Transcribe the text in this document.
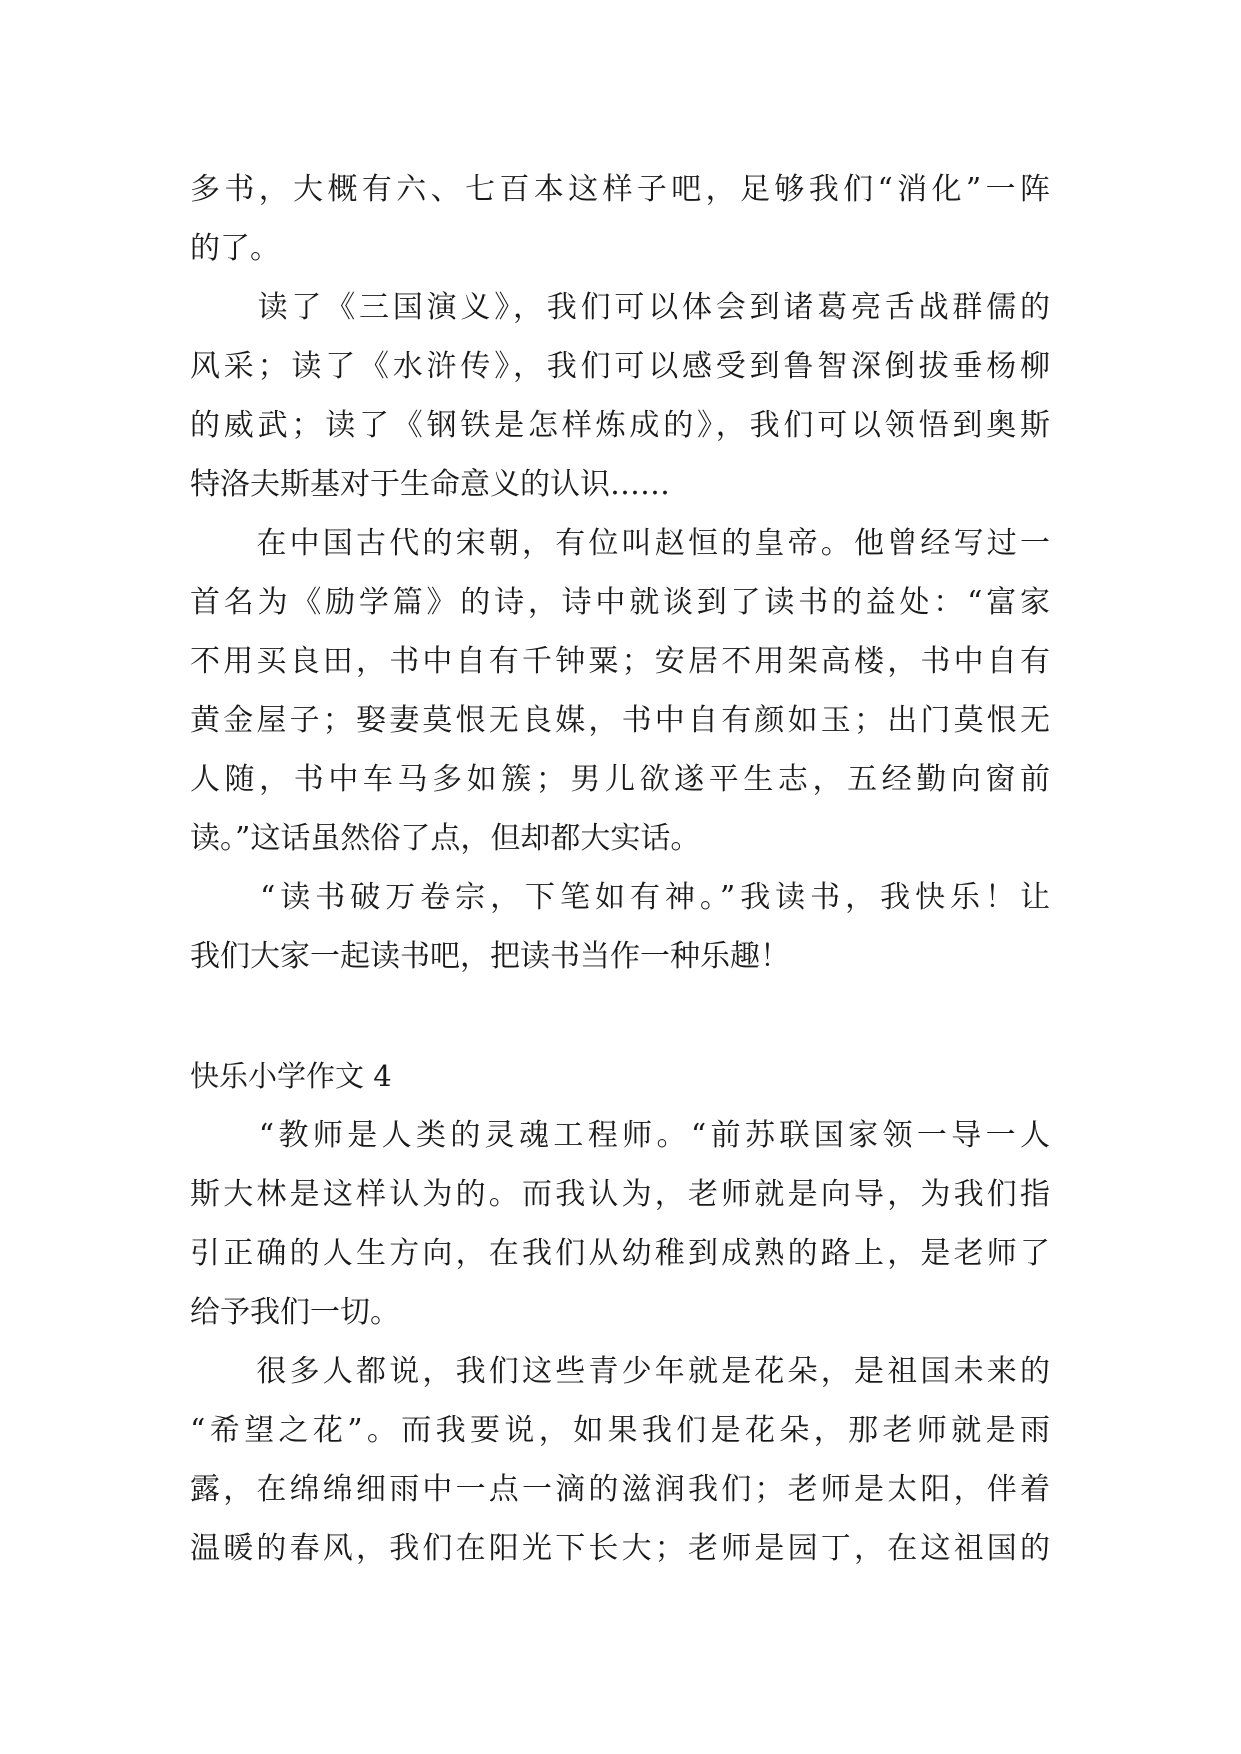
多书，大概有六、七百本这样子吧，足够我们“消化”一阵
的了。
　　读了《三国演义》，我们可以体会到诸葛亮舌战群儒的
风采；读了《水浒传》，我们可以感受到鲁智深倒拔垂杨柳
的威武；读了《钢铁是怎样炼成的》，我们可以领悟到奥斯
特洛夫斯基对于生命意义的认识……
　　在中国古代的宋朝，有位叫赵恒的皇帝。他曾经写过一
首名为《励学篇》的诗，诗中就谈到了读书的益处：“富家
不用买良田，书中自有千钟粟；安居不用架高楼，书中自有
黄金屋子；娶妻莫恨无良媒，书中自有颜如玉；出门莫恨无
人随，书中车马多如簇；男儿欲遂平生志，五经勤向窗前
读。”这话虽然俗了点，但却都大实话。
　　“读书破万卷宗，下笔如有神。”我读书，我快乐！让
我们大家一起读书吧，把读书当作一种乐趣！
快乐小学作文 4
　　“教师是人类的灵魂工程师。“前苏联国家领一导一人
斯大林是这样认为的。而我认为，老师就是向导，为我们指
引正确的人生方向，在我们从幼稚到成熟的路上，是老师了
给予我们一切。
　　很多人都说，我们这些青少年就是花朵，是祖国未来的
“希望之花”。而我要说，如果我们是花朵，那老师就是雨
露，在绵绵细雨中一点一滴的滋润我们；老师是太阳，伴着
温暖的春风，我们在阳光下长大；老师是园丁，在这祖国的
